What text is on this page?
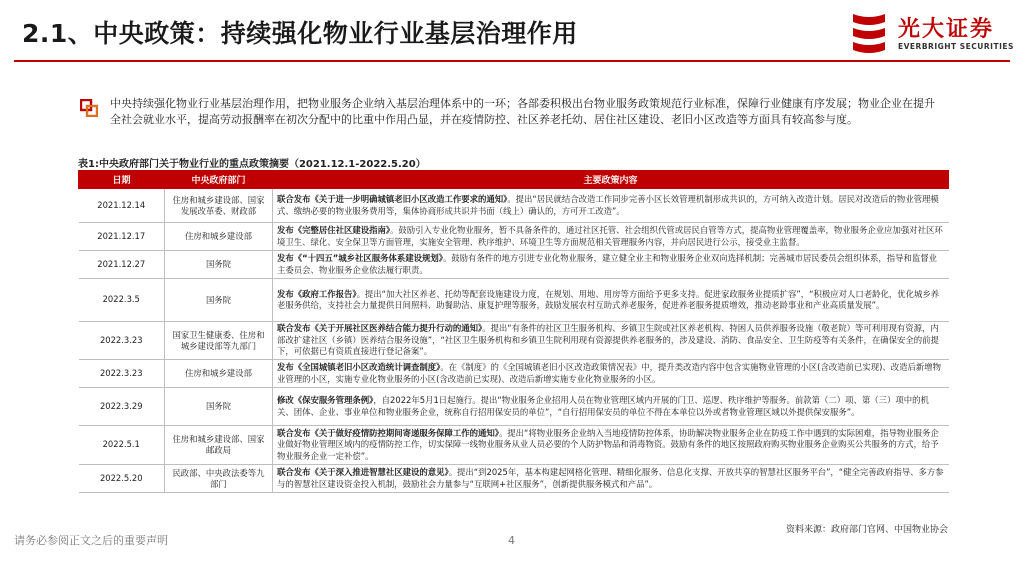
2.1、中央政策：持续强化物业行业基层治理作用	光大证券
EVERBRIGHT SECURITIES
中央持续强化物业行业基层治理作用，把物业服务企业纳入基层治理体系中的一环；各部委积极出台物业服务政策规范行业标准，保障行业健康有序发展；物业企业在提升全社会就业水平，提高劳动报酬率在初次分配中的比重中作用凸显，并在疫情防控、社区养老托幼、居住社区建设、老旧小区改造等方面具有较高参与度。
表1:中央政府部门关于物业行业的重点政策摘要（2021.12.1-2022.5.20）
日期	中央政府部门	主要政策内容
2021.12.14	住房和城乡建设部、国家发展改革委、财政部	联合发布《关于进一步明确城镇老旧小区改造工作要求的通知》。提出“居民就结合改造工作同步完善小区长效管理机制形成共识的，方可纳入改造计划。居民对改造后的物业管理模式、缴纳必要的物业服务费用等，集体协商形成共识并书面（线上）确认的，方可开工改造”。
2021.12.17	住房和城乡建设部	发布《完整居住社区建设指南》。鼓励引入专业化物业服务，暂不具备条件的，通过社区托管、社会组织代管或居民自管等方式，提高物业管理覆盖率，物业服务企业应加强对社区环境卫生、绿化、安全保卫等方面管理，实施安全管理、秩序维护、环境卫生等方面规范相关管理服务内容，并向居民进行公示，接受业主监督。
2021.12.27	国务院	发布《“十四五”城乡社区服务体系建设规划》。鼓励有条件的地方引进专业化物业服务，建立健全业主和物业服务企业双向选择机制；完善城市居民委员会组织体系，指导和监督业主委员会、物业服务企业依法履行职责。
2022.3.5	国务院	发布《政府工作报告》。提出“加大社区养老、托幼等配套设施建设力度，在规划、用地、用房等方面给予更多支持。促进家政服务业提质扩容”，“积极应对人口老龄化，优化城乡养老服务供给，支持社会力量提供日间照料、助餐助洁、康复护理等服务，鼓励发展农村互助式养老服务，促进养老服务提质增效，推动老龄事业和产业高质量发展”。
2022.3.23	国家卫生健康委、住房和城乡建设部等九部门	联合发布《关于开展社区医养结合能力提升行动的通知》。提出“有条件的社区卫生服务机构、乡镇卫生院或社区养老机构、特困人员供养服务设施（敬老院）等可利用现有资源，内部改扩建社区（乡镇）医养结合服务设施”，“社区卫生服务机构和乡镇卫生院利用现有资源提供养老服务的，涉及建设、消防、食品安全、卫生防疫等有关条件，在确保安全的前提下，可依据已有资质直接进行登记备案”。
2022.3.23	住房和城乡建设部	发布《全国城镇老旧小区改造统计调查制度》。在《制度》的《全国城镇老旧小区改造政策情况表》中，提升类改造内容中包含实施物业管理的小区(含改造前已实现)、改造后新增物业管理的小区，实施专业化物业服务的小区(含改造前已实现)、改造后新增实施专业化物业服务的小区。
2022.3.29	国务院	修改《保安服务管理条例》，自2022年5月1日起施行。提出“物业服务企业招用人员在物业管理区域内开展的门卫、巡逻、秩序维护等服务。前款第（二）项、第（三）项中的机关、团体、企业、事业单位和物业服务企业，统称自行招用保安员的单位”，“自行招用保安员的单位不得在本单位以外或者物业管理区域以外提供保安服务”。
2022.5.1	住房和城乡建设部、国家邮政局	联合发布《关于做好疫情防控期间寄递服务保障工作的通知》。提出“将物业服务企业纳入当地疫情防控体系，协助解决物业服务企业在防疫工作中遇到的实际困难，指导物业服务企业做好物业管理区域内的疫情防控工作，切实保障一线物业服务从业人员必要的个人防护物品和消毒物资。鼓励有条件的地区按照政府购买物业服务企业购买公共服务的方式，给予物业服务企业一定补偿”。
2022.5.20	民政部、中央政法委等九部门	联合发布《关于深入推进智慧社区建设的意见》。提出“到2025年，基本构建起网格化管理、精细化服务、信息化支撑、开放共享的智慧社区服务平台”，“健全完善政府指导、多方参与的智慧社区建设资金投入机制，鼓励社会力量参与“互联网+社区服务”，创新提供服务模式和产品”。
资料来源：政府部门官网、中国物业协会
请务必参阅正文之后的重要声明	4
